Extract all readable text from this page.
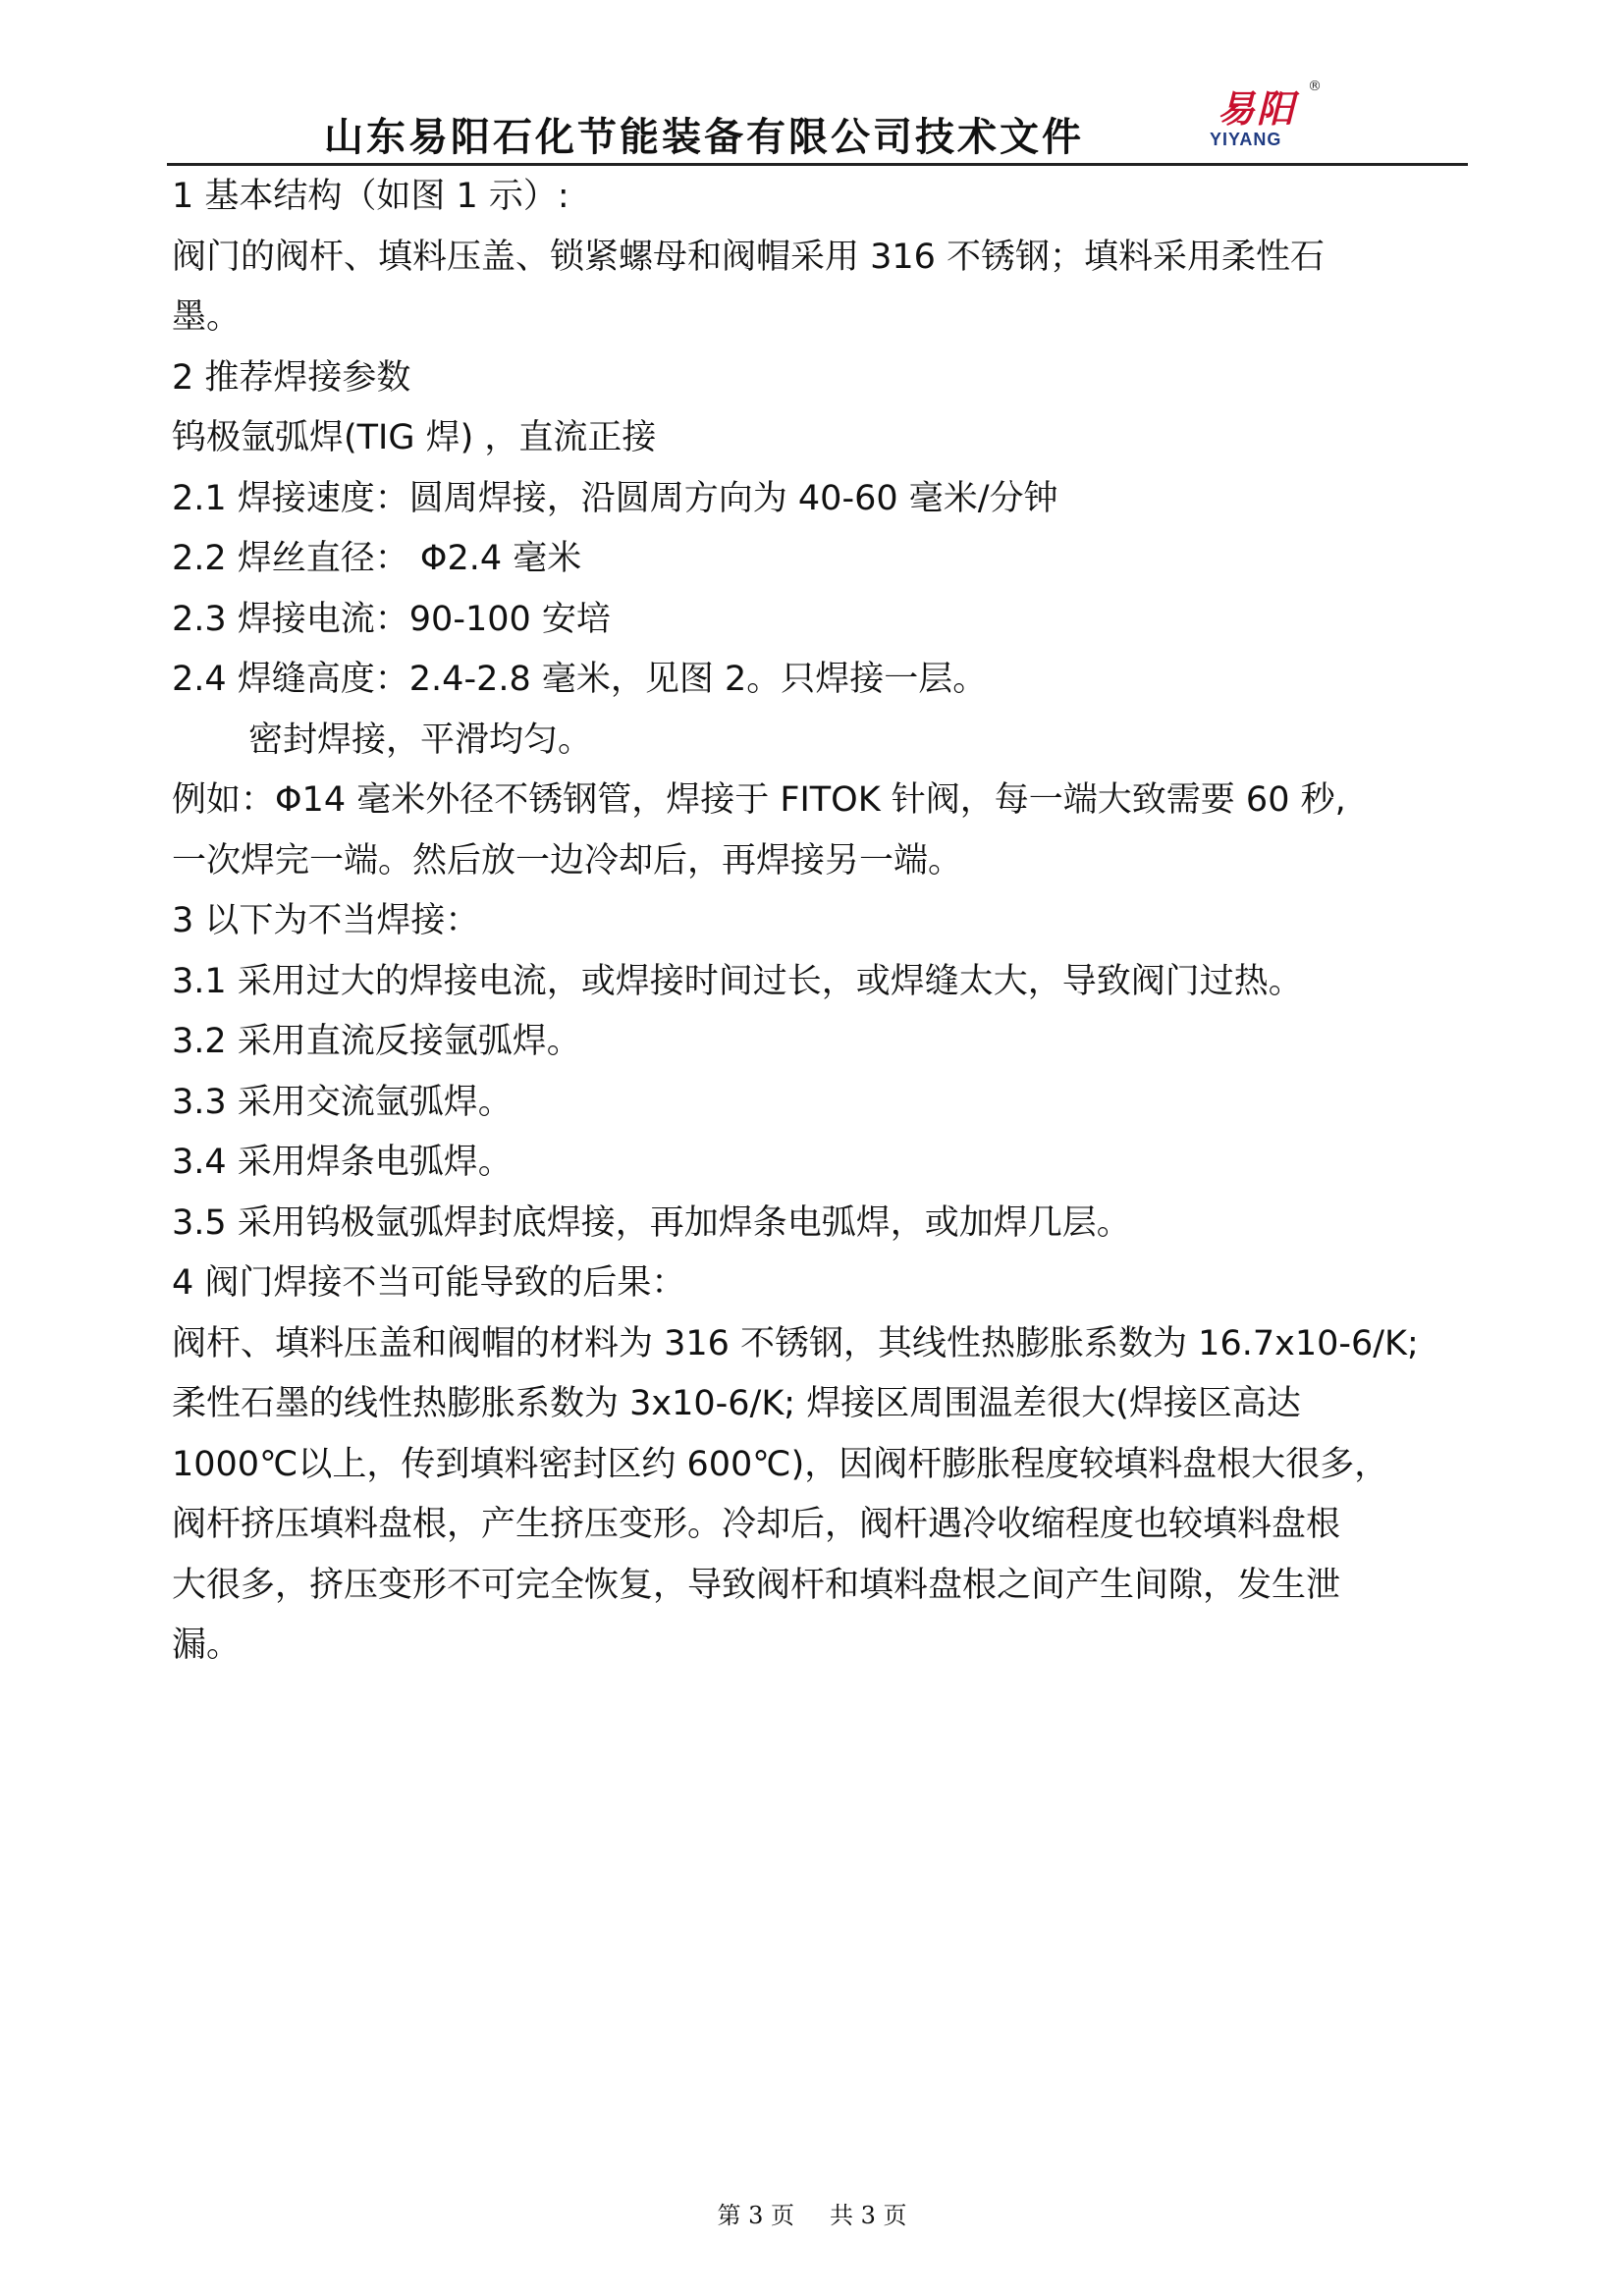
山东易阳石化节能装备有限公司技术文件
易阳 ®
YIYANG

1 基本结构（如图 1 示）:

阀门的阀杆、填料压盖、锁紧螺母和阀帽采用 316 不锈钢；填料采用柔性石

墨。

2 推荐焊接参数

钨极氩弧焊(TIG 焊) ，直流正接

2.1 焊接速度：圆周焊接，沿圆周方向为 40-60 毫米/分钟

2.2 焊丝直径： Φ2.4 毫米

2.3 焊接电流：90-100 安培

2.4 焊缝高度：2.4-2.8 毫米，见图 2。只焊接一层。

密封焊接，平滑均匀。

例如：Φ14 毫米外径不锈钢管，焊接于 FITOK 针阀，每一端大致需要 60 秒,

一次焊完一端。然后放一边冷却后，再焊接另一端。

3 以下为不当焊接：

3.1 采用过大的焊接电流，或焊接时间过长，或焊缝太大，导致阀门过热。

3.2 采用直流反接氩弧焊。

3.3 采用交流氩弧焊。

3.4 采用焊条电弧焊。

3.5 采用钨极氩弧焊封底焊接，再加焊条电弧焊，或加焊几层。

4 阀门焊接不当可能导致的后果：

阀杆、填料压盖和阀帽的材料为 316 不锈钢，其线性热膨胀系数为 16.7x10-6/K;

柔性石墨的线性热膨胀系数为 3x10-6/K; 焊接区周围温差很大(焊接区高达

1000℃以上，传到填料密封区约 600℃)，因阀杆膨胀程度较填料盘根大很多，

阀杆挤压填料盘根，产生挤压变形。冷却后，阀杆遇冷收缩程度也较填料盘根

大很多，挤压变形不可完全恢复，导致阀杆和填料盘根之间产生间隙，发生泄

漏。

第 3 页 共 3 页
